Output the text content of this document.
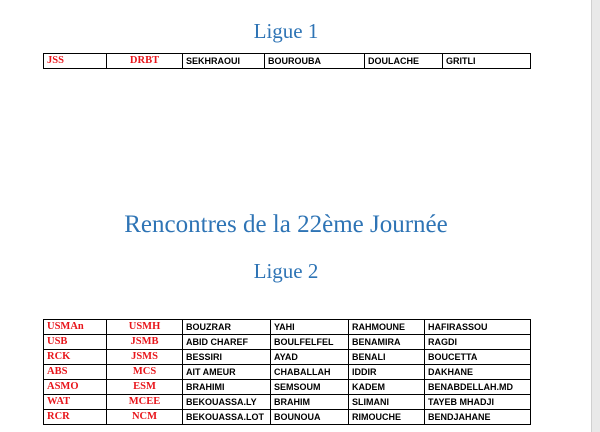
Ligue 1
JSS	DRBT	SEKHRAOUI	BOUROUBA	DOULACHE	GRITLI
Rencontres de la 22ème Journée
Ligue 2
USMAn	USMH	BOUZRAR	YAHI	RAHMOUNE	HAFIRASSOU
USB	JSMB	ABID CHAREF	BOULFELFEL	BENAMIRA	RAGDI
RCK	JSMS	BESSIRI	AYAD	BENALI	BOUCETTA
ABS	MCS	AIT AMEUR	CHABALLAH	IDDIR	DAKHANE
ASMO	ESM	BRAHIMI	SEMSOUM	KADEM	BENABDELLAH.MD
WAT	MCEE	BEKOUASSA.LY	BRAHIM	SLIMANI	TAYEB MHADJI
RCR	NCM	BEKOUASSA.LOT	BOUNOUA	RIMOUCHE	BENDJAHANE
